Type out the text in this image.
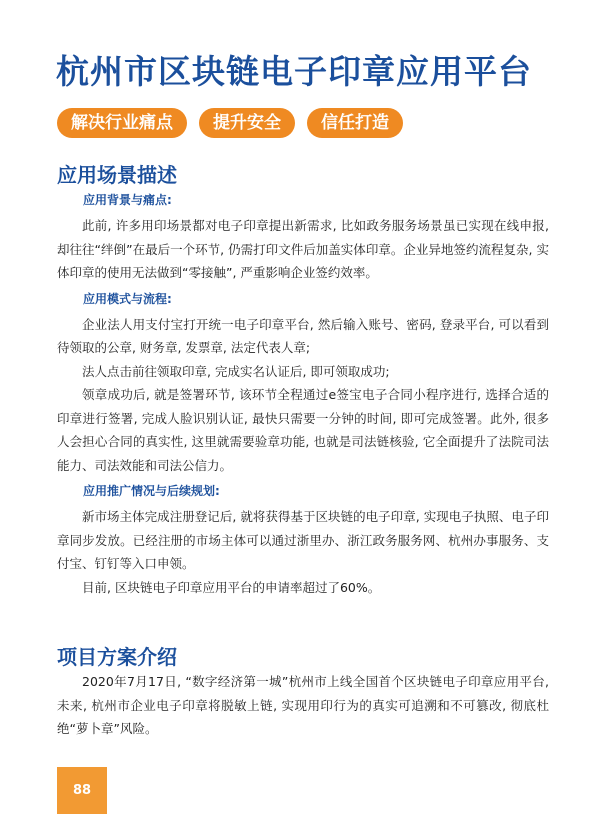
杭州市区块链电子印章应用平台
解决行业痛点	提升安全	信任打造
应用场景描述
应用背景与痛点:

此前, 许多用印场景都对电子印章提出新需求, 比如政务服务场景虽已实现在线申报, 却往往“绊倒”在最后一个环节, 仍需打印文件后加盖实体印章。企业异地签约流程复杂, 实体印章的使用无法做到“零接触”, 严重影响企业签约效率。

应用模式与流程:

企业法人用支付宝打开统一电子印章平台, 然后输入账号、密码, 登录平台, 可以看到待领取的公章, 财务章, 发票章, 法定代表人章;

法人点击前往领取印章, 完成实名认证后, 即可领取成功;

领章成功后, 就是签署环节, 该环节全程通过e签宝电子合同小程序进行, 选择合适的印章进行签署, 完成人脸识别认证, 最快只需要一分钟的时间, 即可完成签署。此外, 很多人会担心合同的真实性, 这里就需要验章功能, 也就是司法链核验, 它全面提升了法院司法能力、司法效能和司法公信力。

应用推广情况与后续规划:

新市场主体完成注册登记后, 就将获得基于区块链的电子印章, 实现电子执照、电子印章同步发放。已经注册的市场主体可以通过浙里办、浙江政务服务网、杭州办事服务、支付宝、钉钉等入口申领。

目前, 区块链电子印章应用平台的申请率超过了60%。

项目方案介绍

2020年7月17日, “数字经济第一城”杭州市上线全国首个区块链电子印章应用平台, 未来, 杭州市企业电子印章将脱敏上链, 实现用印行为的真实可追溯和不可篡改, 彻底杜绝“萝卜章”风险。

88
